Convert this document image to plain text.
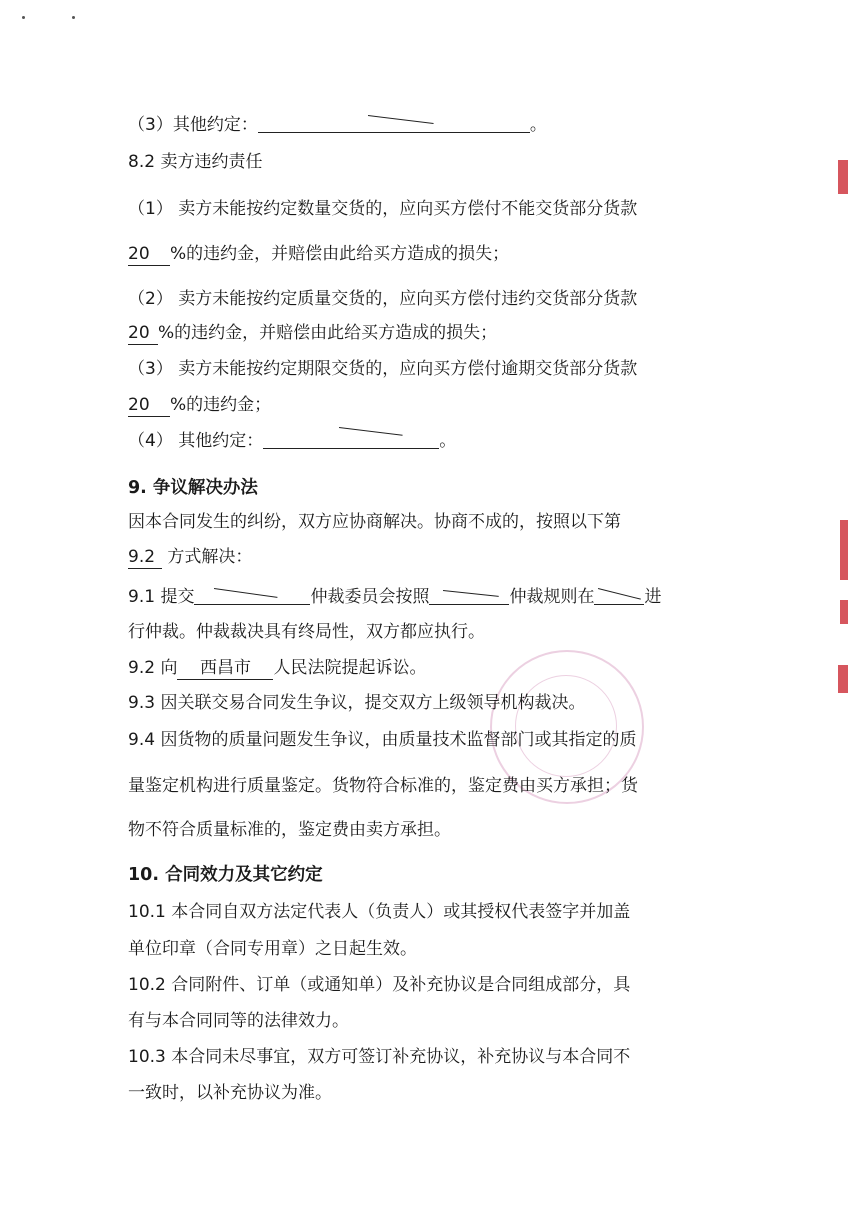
（3）其他约定：	。
8.2 卖方违约责任
（1） 卖方未能按约定数量交货的，应向买方偿付不能交货部分货款
20 %的违约金，并赔偿由此给买方造成的损失；
（2） 卖方未能按约定质量交货的，应向买方偿付违约交货部分货款
20 %的违约金，并赔偿由此给买方造成的损失；
（3） 卖方未能按约定期限交货的，应向买方偿付逾期交货部分货款
20 %的违约金；
（4） 其他约定：	。
9. 争议解决办法
因本合同发生的纠纷，双方应协商解决。协商不成的，按照以下第
9.2 方式解决：
9.1 提交	仲裁委员会按照	仲裁规则在	进
行仲裁。仲裁裁决具有终局性，双方都应执行。
9.2 向 西昌市 人民法院提起诉讼。
9.3 因关联交易合同发生争议，提交双方上级领导机构裁决。
9.4 因货物的质量问题发生争议，由质量技术监督部门或其指定的质
量鉴定机构进行质量鉴定。货物符合标准的，鉴定费由买方承担；货
物不符合质量标准的，鉴定费由卖方承担。
10. 合同效力及其它约定
10.1 本合同自双方法定代表人（负责人）或其授权代表签字并加盖
单位印章（合同专用章）之日起生效。
10.2 合同附件、订单（或通知单）及补充协议是合同组成部分，具
有与本合同同等的法律效力。
10.3 本合同未尽事宜，双方可签订补充协议，补充协议与本合同不
一致时，以补充协议为准。
